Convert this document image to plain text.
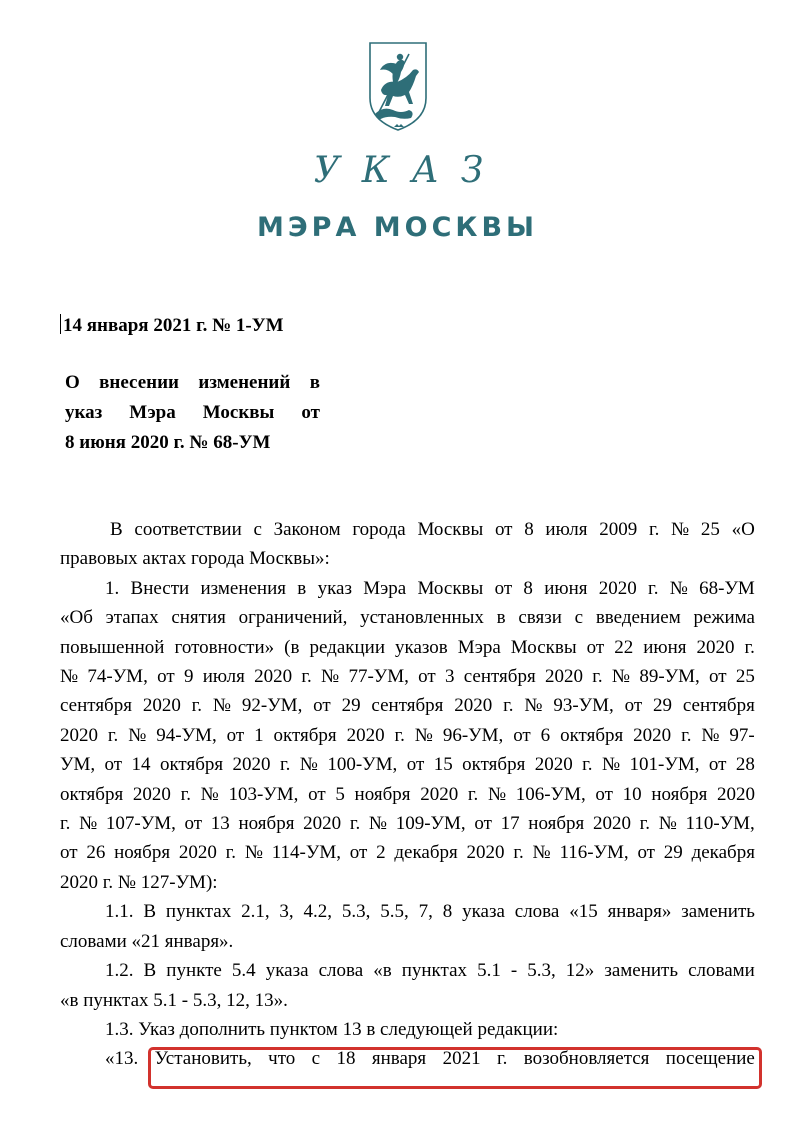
УКАЗ
МЭРА МОСКВЫ
14 января 2021 г. № 1-УМ
О внесении изменений в
указ Мэра Москвы от
8 июня 2020 г. № 68-УМ
В соответствии с Законом города Москвы от 8 июля 2009 г. № 25 «О
правовых актах города Москвы»:
1. Внести изменения в указ Мэра Москвы от 8 июня 2020 г. № 68-УМ
«Об этапах снятия ограничений, установленных в связи с введением режима
повышенной готовности» (в редакции указов Мэра Москвы от 22 июня 2020 г.
№ 74-УМ, от 9 июля 2020 г. № 77-УМ, от 3 сентября 2020 г. № 89-УМ, от 25
сентября 2020 г. № 92-УМ, от 29 сентября 2020 г. № 93-УМ, от 29 сентября
2020 г. № 94-УМ, от 1 октября 2020 г. № 96-УМ, от 6 октября 2020 г. № 97-
УМ, от 14 октября 2020 г. № 100-УМ, от 15 октября 2020 г. № 101-УМ, от 28
октября 2020 г. № 103-УМ, от 5 ноября 2020 г. № 106-УМ, от 10 ноября 2020
г. № 107-УМ, от 13 ноября 2020 г. № 109-УМ, от 17 ноября 2020 г. № 110-УМ,
от 26 ноября 2020 г. № 114-УМ, от 2 декабря 2020 г. № 116-УМ, от 29 декабря
2020 г. № 127-УМ):
1.1. В пунктах 2.1, 3, 4.2, 5.3, 5.5, 7, 8 указа слова «15 января» заменить
словами «21 января».
1.2. В пункте 5.4 указа слова «в пунктах 5.1 - 5.3, 12» заменить словами
«в пунктах 5.1 - 5.3, 12, 13».
1.3. Указ дополнить пунктом 13 в следующей редакции:
«13. Установить, что с 18 января 2021 г. возобновляется посещение
